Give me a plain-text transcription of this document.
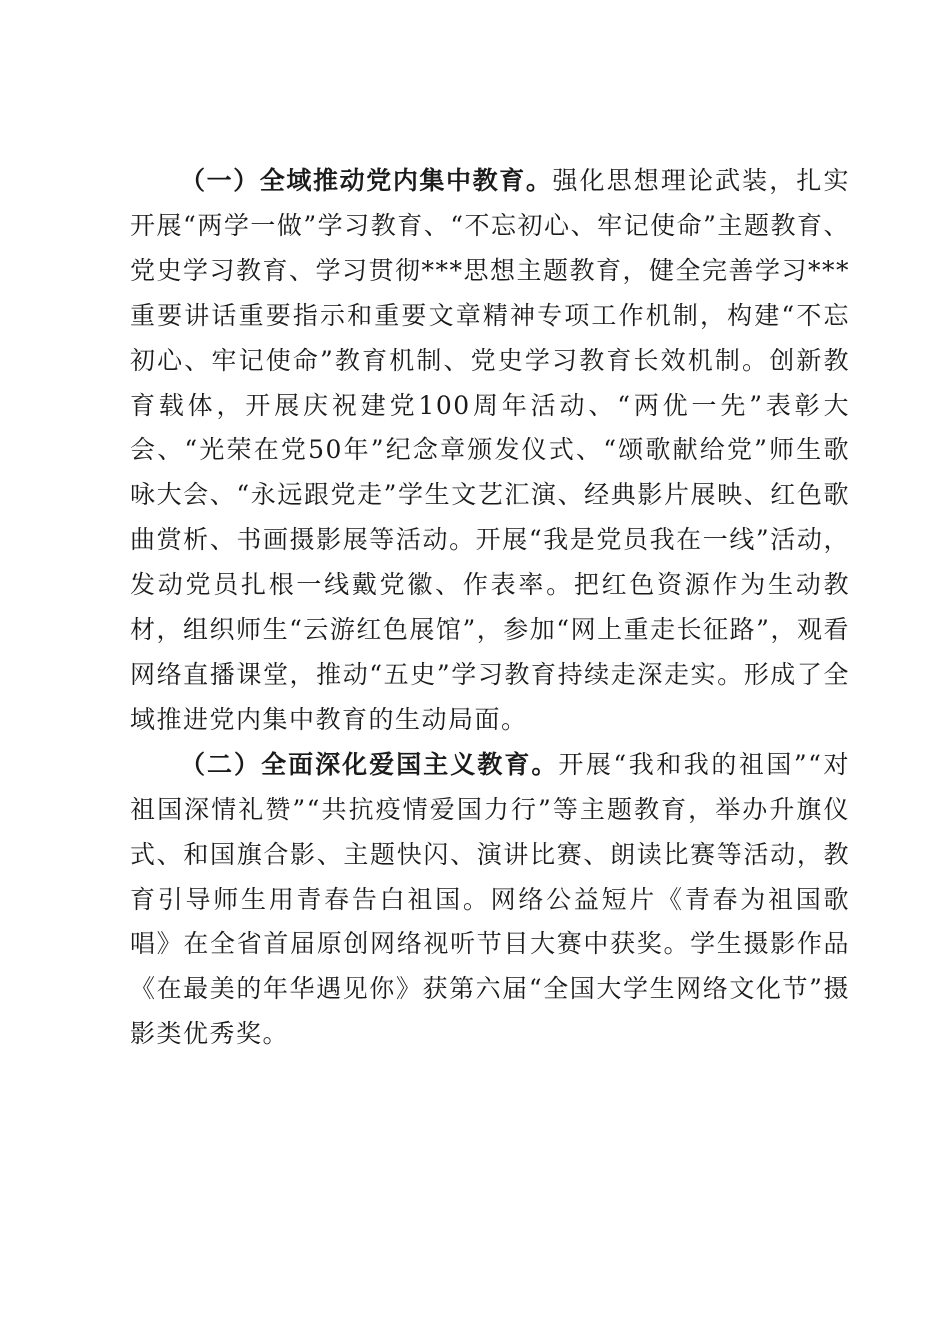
（一）全域推动党内集中教育。强化思想理论武装，扎实开展“两学一做”学习教育、“不忘初心、牢记使命”主题教育、党史学习教育、学习贯彻***思想主题教育，健全完善学习***重要讲话重要指示和重要文章精神专项工作机制，构建“不忘初心、牢记使命”教育机制、党史学习教育长效机制。创新教育载体，开展庆祝建党100周年活动、“两优一先”表彰大会、“光荣在党50年”纪念章颁发仪式、“颂歌献给党”师生歌咏大会、“永远跟党走”学生文艺汇演、经典影片展映、红色歌曲赏析、书画摄影展等活动。开展“我是党员我在一线”活动，发动党员扎根一线戴党徽、作表率。把红色资源作为生动教材，组织师生“云游红色展馆”，参加“网上重走长征路”，观看网络直播课堂，推动“五史”学习教育持续走深走实。形成了全域推进党内集中教育的生动局面。

（二）全面深化爱国主义教育。开展“我和我的祖国”“对祖国深情礼赞”“共抗疫情爱国力行”等主题教育，举办升旗仪式、和国旗合影、主题快闪、演讲比赛、朗读比赛等活动，教育引导师生用青春告白祖国。网络公益短片《青春为祖国歌唱》在全省首届原创网络视听节目大赛中获奖。学生摄影作品《在最美的年华遇见你》获第六届“全国大学生网络文化节”摄影类优秀奖。
